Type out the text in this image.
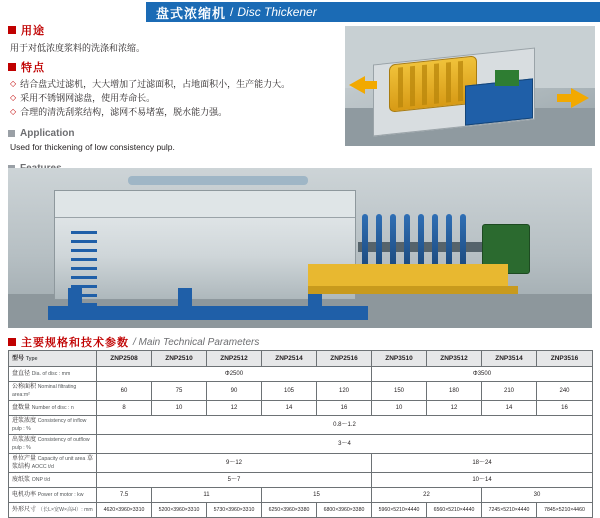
盘式浓缩机 / Disc Thickener
用途
用于对低浓度浆料的洗涤和浓缩。
特点
◇ 结合盘式过滤机，大大增加了过滤面积，占地面积小，生产能力大。
◇ 采用不锈钢网滤盘，使用寿命长。
◇ 合理的清洗刮浆结构，滤网不易堵塞，脱水能力强。
Application
Used for thickening of low consistency pulp.
主要规格和技术参数 / Main Technical Parameters
型号 Type	ZNP2508	ZNP2510	ZNP2512	ZNP2514	ZNP2516	ZNP3510	ZNP3512	ZNP3514	ZNP3516
盘直径 Dia. of disc : mm	Φ2500					Φ3500			
公称面积 Nominal filtrating area:m²	60	75	90	105	120	150	180	210	240
盘数量 Number of disc : n	8	10	12	14	16	10	12	14	16
进浆浓度 Consistency of inflow pulp : %	0.8～1.2								
出浆浓度 Consistency of outflow pulp : %	3～4								
单位产量 Capacity of unit area 草浆结构 AOCC t/d	9～12					18～24			
废纸浆 ONP t/d	5～7					10～14			
电机功率 Power of motor : kw	7.5	11		15		22		30	
外形尺寸 （长L×宽W×高H）: mm	4620×3960×3310	5200×3960×3310	5730×3960×3310	6250×3960×3380	6800×3960×3380	5960×5210×4440	6560×5210×4440	7245×5210×4440	7845×5210×4460
